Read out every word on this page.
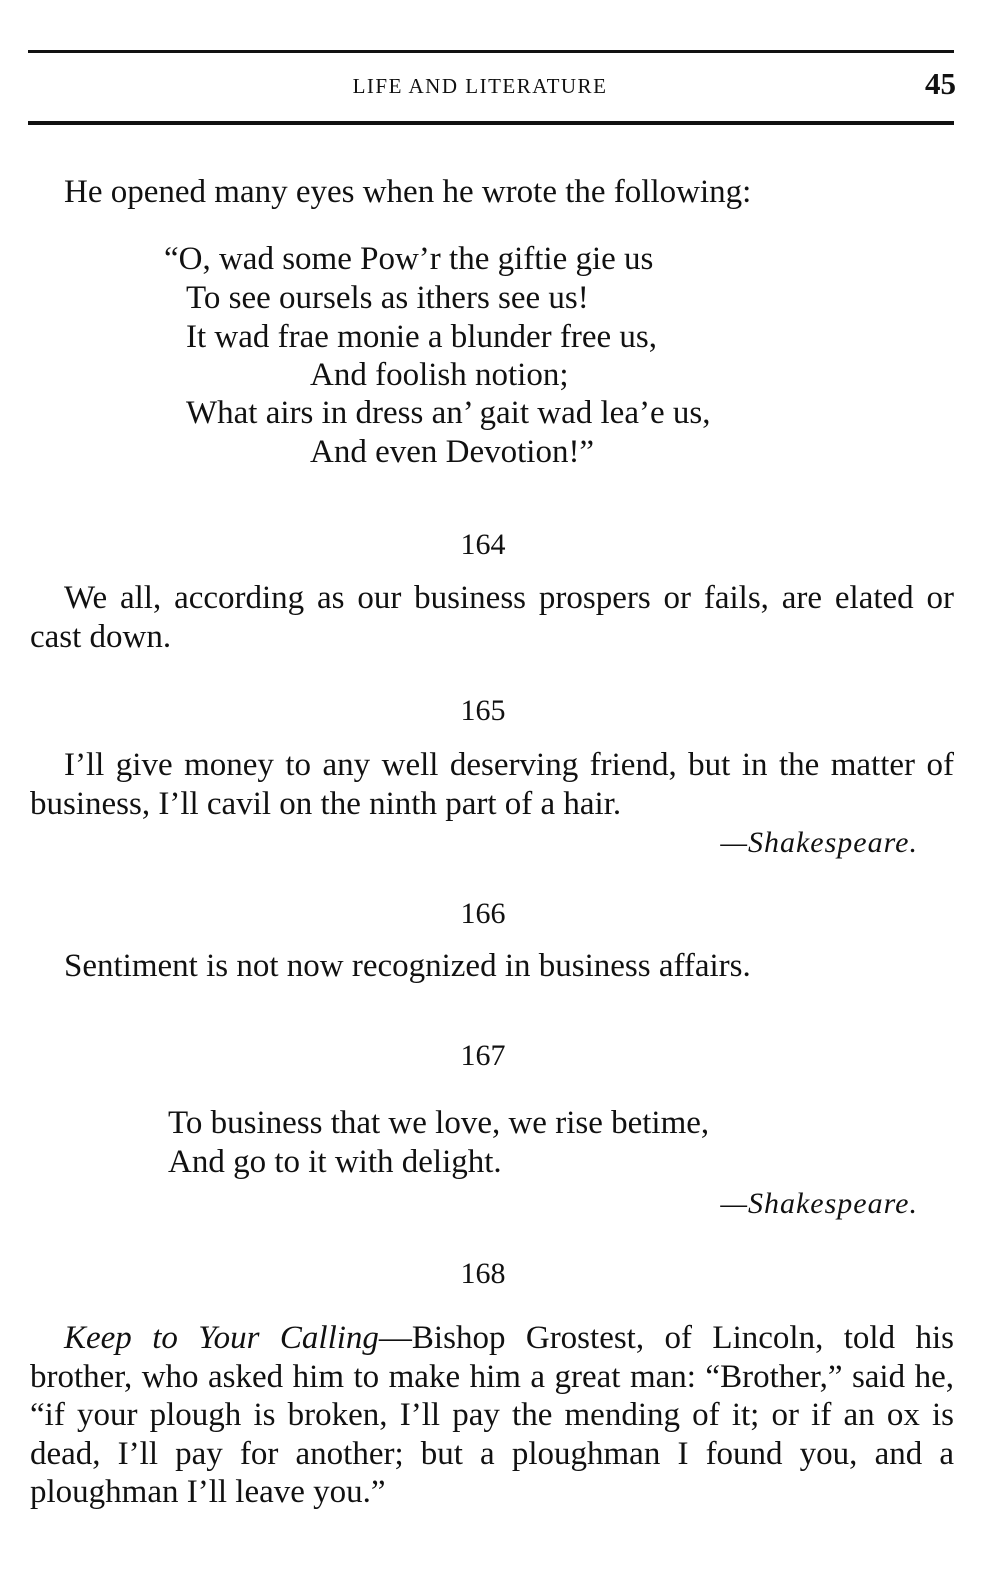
LIFE AND LITERATURE	45
He opened many eyes when he wrote the following:
“O, wad some Pow’r the giftie gie us
To see oursels as ithers see us!
It wad frae monie a blunder free us,
And foolish notion;
What airs in dress an’ gait wad lea’e us,
And even Devotion!”
164
We all, according as our business prospers or fails, are elated or cast down.
165
I’ll give money to any well deserving friend, but in the matter of business, I’ll cavil on the ninth part of a hair.
—Shakespeare.
166
Sentiment is not now recognized in business affairs.
167
To business that we love, we rise betime,
And go to it with delight.
—Shakespeare.
168
Keep to Your Calling—Bishop Grostest, of Lincoln, told his brother, who asked him to make him a great man: “Brother,” said he, “if your plough is broken, I’ll pay the mending of it; or if an ox is dead, I’ll pay for another; but a ploughman I found you, and a ploughman I’ll leave you.”
